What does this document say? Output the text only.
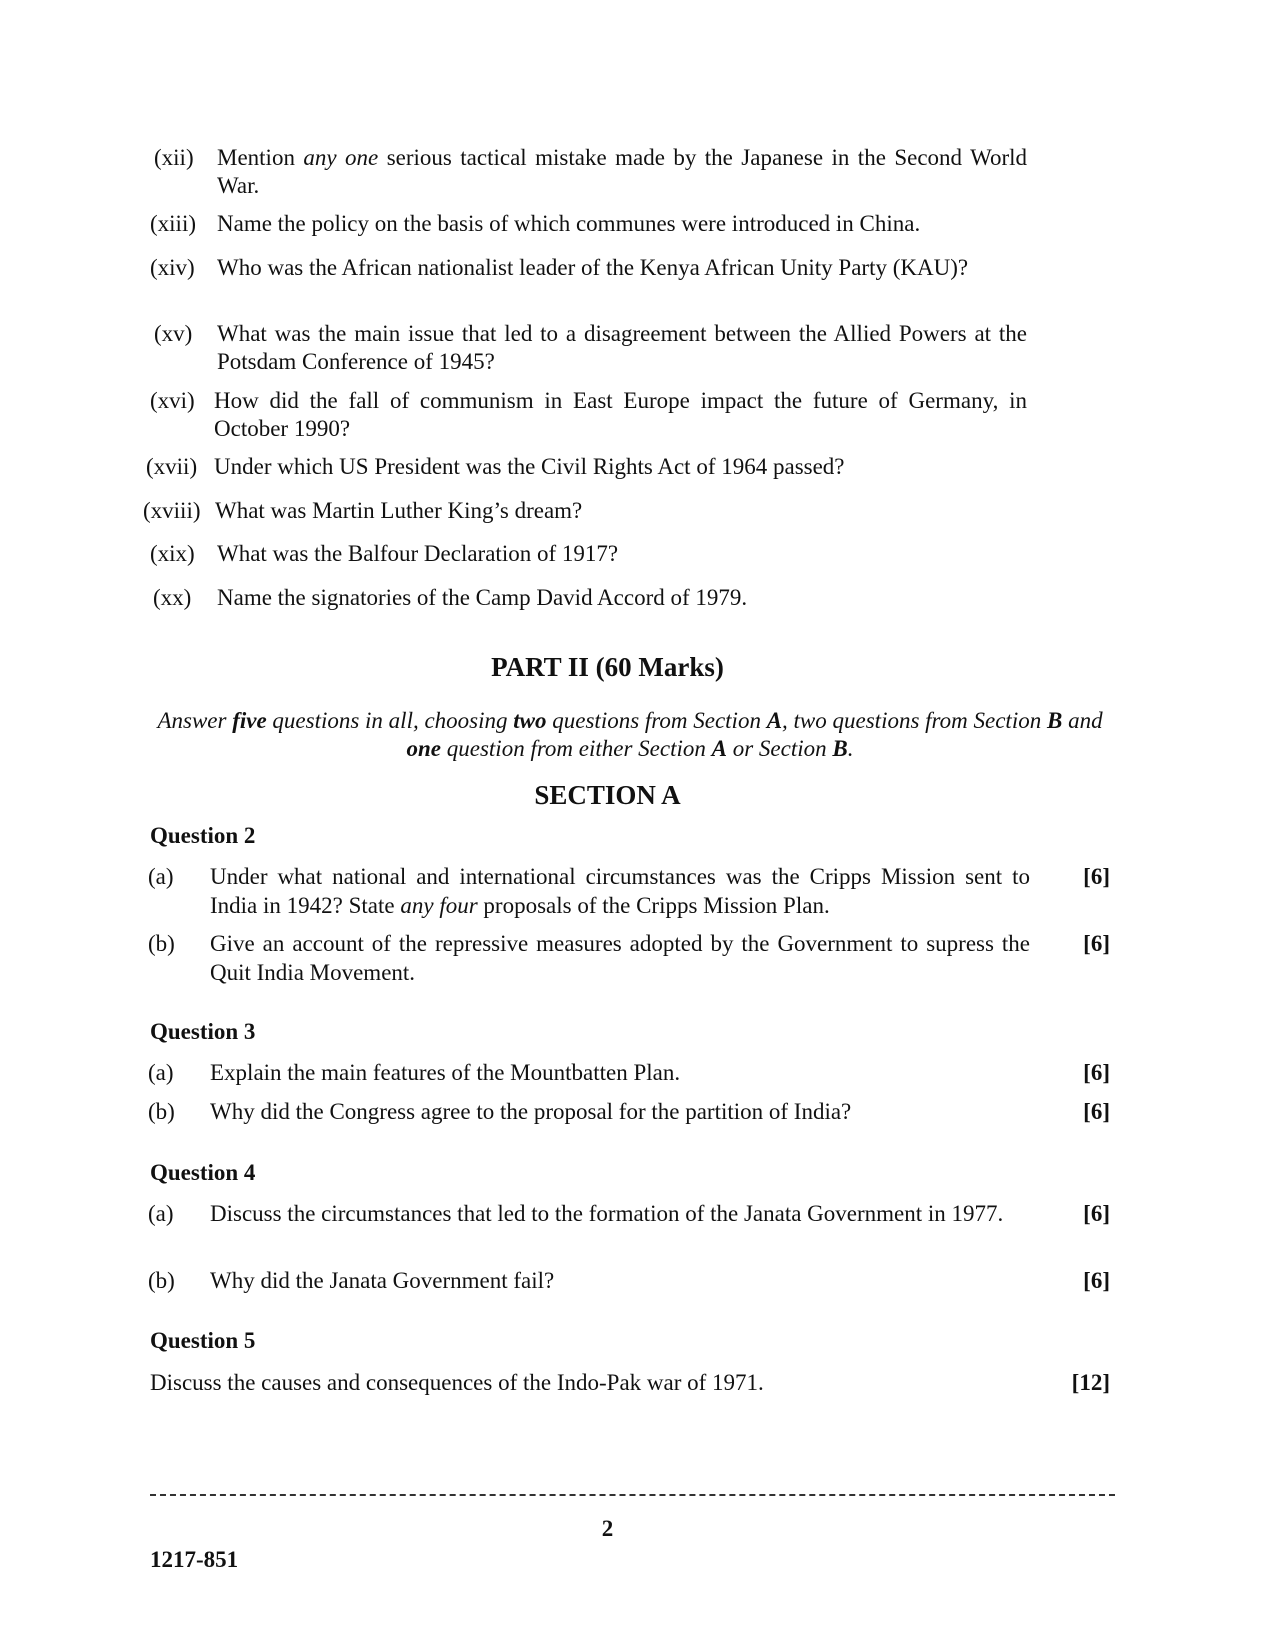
(xii) Mention any one serious tactical mistake made by the Japanese in the Second World War.
(xiii) Name the policy on the basis of which communes were introduced in China.
(xiv) Who was the African nationalist leader of the Kenya African Unity Party (KAU)?
(xv) What was the main issue that led to a disagreement between the Allied Powers at the Potsdam Conference of 1945?
(xvi) How did the fall of communism in East Europe impact the future of Germany, in October 1990?
(xvii) Under which US President was the Civil Rights Act of 1964 passed?
(xviii) What was Martin Luther King’s dream?
(xix) What was the Balfour Declaration of 1917?
(xx) Name the signatories of the Camp David Accord of 1979.
PART II (60 Marks)
Answer five questions in all, choosing two questions from Section A, two questions from Section B and one question from either Section A or Section B.
SECTION A
Question 2
(a) Under what national and international circumstances was the Cripps Mission sent to India in 1942? State any four proposals of the Cripps Mission Plan.
[6]
(b) Give an account of the repressive measures adopted by the Government to supress the Quit India Movement.
[6]
Question 3
(a) Explain the main features of the Mountbatten Plan.	[6]
(b) Why did the Congress agree to the proposal for the partition of India?	[6]
Question 4
(a) Discuss the circumstances that led to the formation of the Janata Government in 1977.	[6]
(b) Why did the Janata Government fail?	[6]
Question 5
Discuss the causes and consequences of the Indo-Pak war of 1971.	[12]
2
1217-851
